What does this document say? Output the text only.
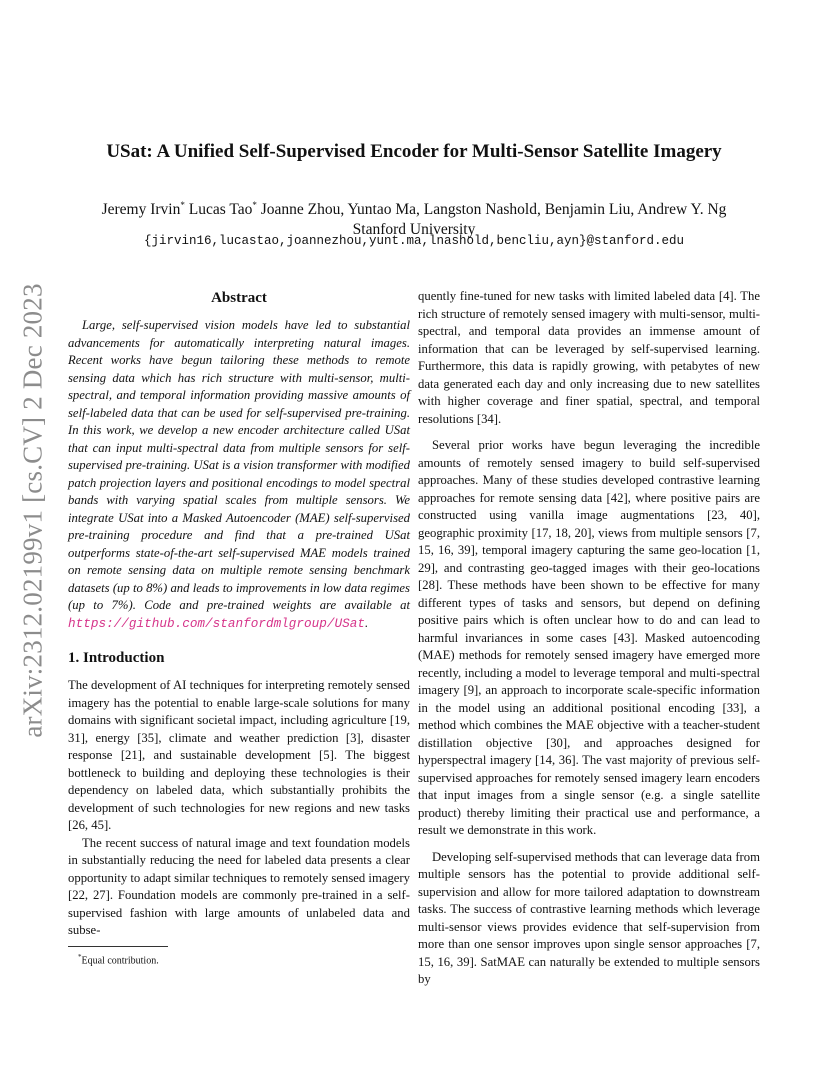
arXiv:2312.02199v1 [cs.CV] 2 Dec 2023
USat: A Unified Self-Supervised Encoder for Multi-Sensor Satellite Imagery
Jeremy Irvin* Lucas Tao* Joanne Zhou, Yuntao Ma, Langston Nashold, Benjamin Liu, Andrew Y. Ng
Stanford University
{jirvin16,lucastao,joannezhou,yunt.ma,lnashold,bencliu,ayn}@stanford.edu
Abstract

Large, self-supervised vision models have led to substantial advancements for automatically interpreting natural images. Recent works have begun tailoring these methods to remote sensing data which has rich structure with multi-sensor, multi-spectral, and temporal information providing massive amounts of self-labeled data that can be used for self-supervised pre-training. In this work, we develop a new encoder architecture called USat that can input multi-spectral data from multiple sensors for self-supervised pre-training. USat is a vision transformer with modified patch projection layers and positional encodings to model spectral bands with varying spatial scales from multiple sensors. We integrate USat into a Masked Autoencoder (MAE) self-supervised pre-training procedure and find that a pre-trained USat outperforms state-of-the-art self-supervised MAE models trained on remote sensing data on multiple remote sensing benchmark datasets (up to 8%) and leads to improvements in low data regimes (up to 7%). Code and pre-trained weights are available at https://github.com/stanfordmlgroup/USat.

1. Introduction

The development of AI techniques for interpreting remotely sensed imagery has the potential to enable large-scale solutions for many domains with significant societal impact, including agriculture [19, 31], energy [35], climate and weather prediction [3], disaster response [21], and sustainable development [5]. The biggest bottleneck to building and deploying these technologies is their dependency on labeled data, which substantially prohibits the development of such technologies for new regions and new tasks [26, 45].

The recent success of natural image and text foundation models in substantially reducing the need for labeled data presents a clear opportunity to adapt similar techniques to remotely sensed imagery [22, 27]. Foundation models are commonly pre-trained in a self-supervised fashion with large amounts of unlabeled data and subse-

quently fine-tuned for new tasks with limited labeled data [4]. The rich structure of remotely sensed imagery with multi-sensor, multi-spectral, and temporal data provides an immense amount of information that can be leveraged by self-supervised learning. Furthermore, this data is rapidly growing, with petabytes of new data generated each day and only increasing due to new satellites with higher coverage and finer spatial, spectral, and temporal resolutions [34].

Several prior works have begun leveraging the incredible amounts of remotely sensed imagery to build self-supervised approaches. Many of these studies developed contrastive learning approaches for remote sensing data [42], where positive pairs are constructed using vanilla image augmentations [23, 40], geographic proximity [17, 18, 20], views from multiple sensors [7, 15, 16, 39], temporal imagery capturing the same geo-location [1, 29], and contrasting geo-tagged images with their geo-locations [28]. These methods have been shown to be effective for many different types of tasks and sensors, but depend on defining positive pairs which is often unclear how to do and can lead to harmful invariances in some cases [43]. Masked autoencoding (MAE) methods for remotely sensed imagery have emerged more recently, including a model to leverage temporal and multi-spectral imagery [9], an approach to incorporate scale-specific information in the model using an additional positional encoding [33], a method which combines the MAE objective with a teacher-student distillation objective [30], and approaches designed for hyperspectral imagery [14, 36]. The vast majority of previous self-supervised approaches for remotely sensed imagery learn encoders that input images from a single sensor (e.g. a single satellite product) thereby limiting their practical use and performance, a result we demonstrate in this work.

Developing self-supervised methods that can leverage data from multiple sensors has the potential to provide additional self-supervision and allow for more tailored adaptation to downstream tasks. The success of contrastive learning methods which leverage multi-sensor views provides evidence that self-supervision from more than one sensor improves upon single sensor approaches [7, 15, 16, 39]. SatMAE can naturally be extended to multiple sensors by

*Equal contribution.
